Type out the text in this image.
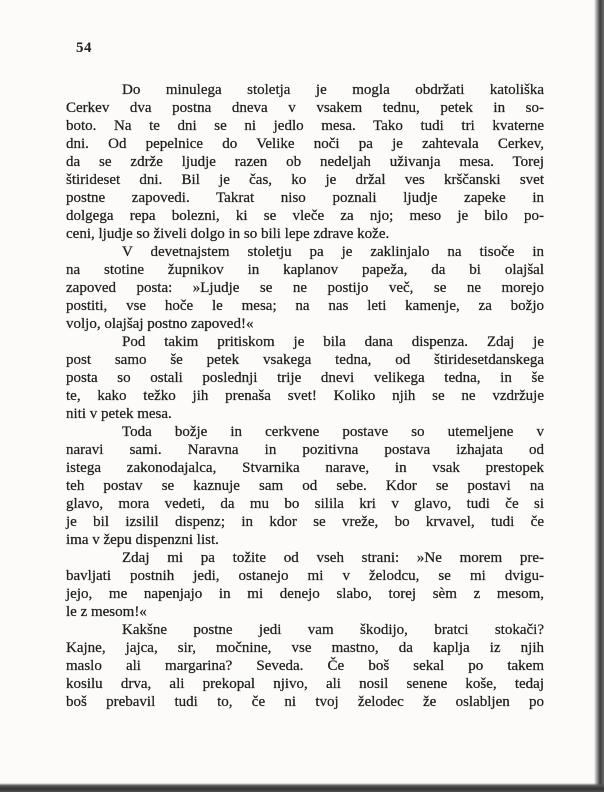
54
Do minulega stoletja je mogla obdržati katoliška
Cerkev dva postna dneva v vsakem tednu, petek in so-
boto. Na te dni se ni jedlo mesa. Tako tudi tri kvaterne
dni. Od pepelnice do Velike noči pa je zahtevala Cerkev,
da se zdrže ljudje razen ob nedeljah uživanja mesa. Torej
štirideset dni. Bil je čas, ko je držal ves krščanski svet
postne zapovedi. Takrat niso poznali ljudje zapeke in
dolgega repa bolezni, ki se vleče za njo; meso je bilo po-
ceni, ljudje so živeli dolgo in so bili lepe zdrave kože.
V devetnajstem stoletju pa je zaklinjalo na tisoče in
na stotine župnikov in kaplanov papeža, da bi olajšal
zapoved posta: »Ljudje se ne postijo več, se ne morejo
postiti, vse hoče le mesa; na nas leti kamenje, za božjo
voljo, olajšaj postno zapoved!«
Pod takim pritiskom je bila dana dispenza. Zdaj je
post samo še petek vsakega tedna, od štiridesetdanskega
posta so ostali poslednji trije dnevi velikega tedna, in še
te, kako težko jih prenaša svet! Koliko njih se ne vzdržuje
niti v petek mesa.
Toda božje in cerkvene postave so utemeljene v
naravi sami. Naravna in pozitivna postava izhajata od
istega zakonodajalca, Stvarnika narave, in vsak prestopek
teh postav se kaznuje sam od sebe. Kdor se postavi na
glavo, mora vedeti, da mu bo silila kri v glavo, tudi če si
je bil izsilil dispenz; in kdor se vreže, bo krvavel, tudi če
ima v žepu dispenzni list.
Zdaj mi pa tožite od vseh strani: »Ne morem pre-
bavljati postnih jedi, ostanejo mi v želodcu, se mi dvigu-
jejo, me napenjajo in mi denejo slabo, torej sèm z mesom,
le z mesom!«
Kakšne postne jedi vam škodijo, bratci stokači?
Kajne, jajca, sir, močnine, vse mastno, da kaplja iz njih
maslo ali margarina? Seveda. Če boš sekal po takem
kosilu drva, ali prekopal njivo, ali nosil senene koše, tedaj
boš prebavil tudi to, če ni tvoj želodec že oslabljen po
